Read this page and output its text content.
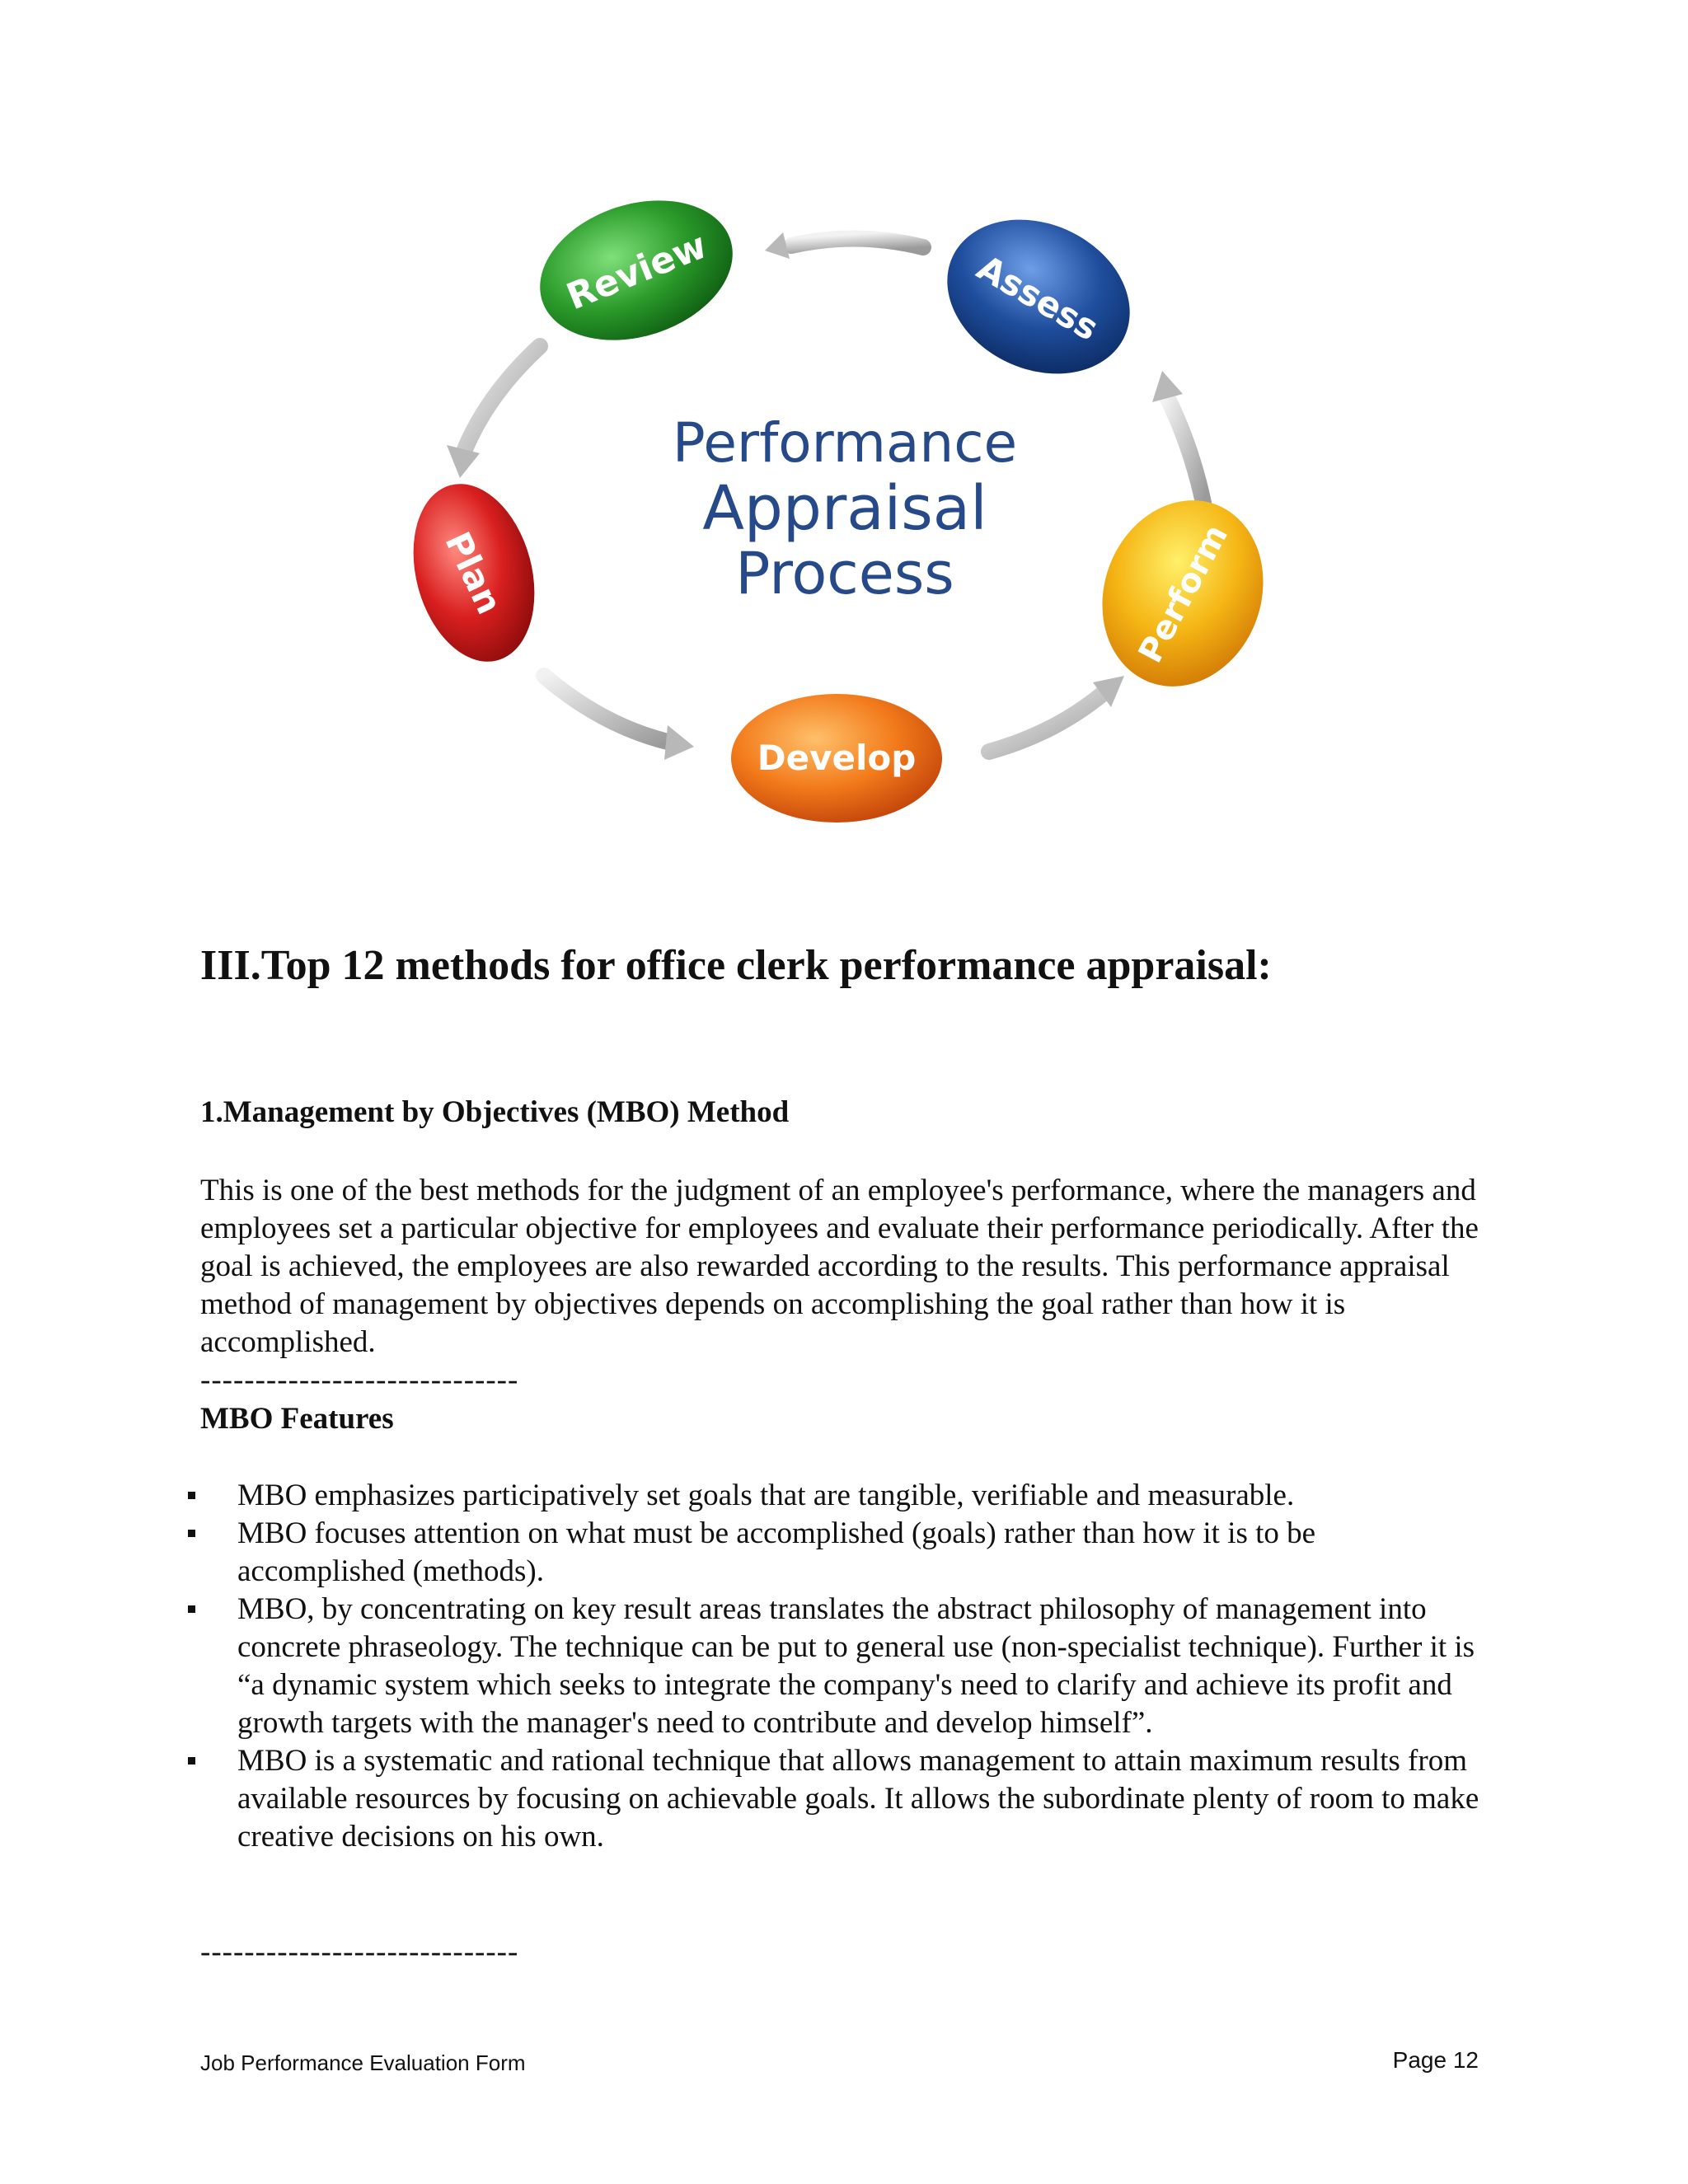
Review	Assess
Plan	Perform
Develop
Performance
Appraisal
Process
III.Top 12 methods for office clerk performance appraisal:
1.Management by Objectives (MBO) Method

This is one of the best methods for the judgment of an employee's performance, where the managers and employees set a particular objective for employees and evaluate their performance periodically. After the goal is achieved, the employees are also rewarded according to the results. This performance appraisal method of management by objectives depends on accomplishing the goal rather than how it is accomplished.

-----------------------------
MBO Features
MBO emphasizes participatively set goals that are tangible, verifiable and measurable.
MBO focuses attention on what must be accomplished (goals) rather than how it is to be accomplished (methods).
MBO, by concentrating on key result areas translates the abstract philosophy of management into concrete phraseology. The technique can be put to general use (non-specialist technique). Further it is “a dynamic system which seeks to integrate the company's need to clarify and achieve its profit and growth targets with the manager's need to contribute and develop himself”.
MBO is a systematic and rational technique that allows management to attain maximum results from available resources by focusing on achievable goals. It allows the subordinate plenty of room to make creative decisions on his own.
-----------------------------
Job Performance Evaluation Form	Page 12
